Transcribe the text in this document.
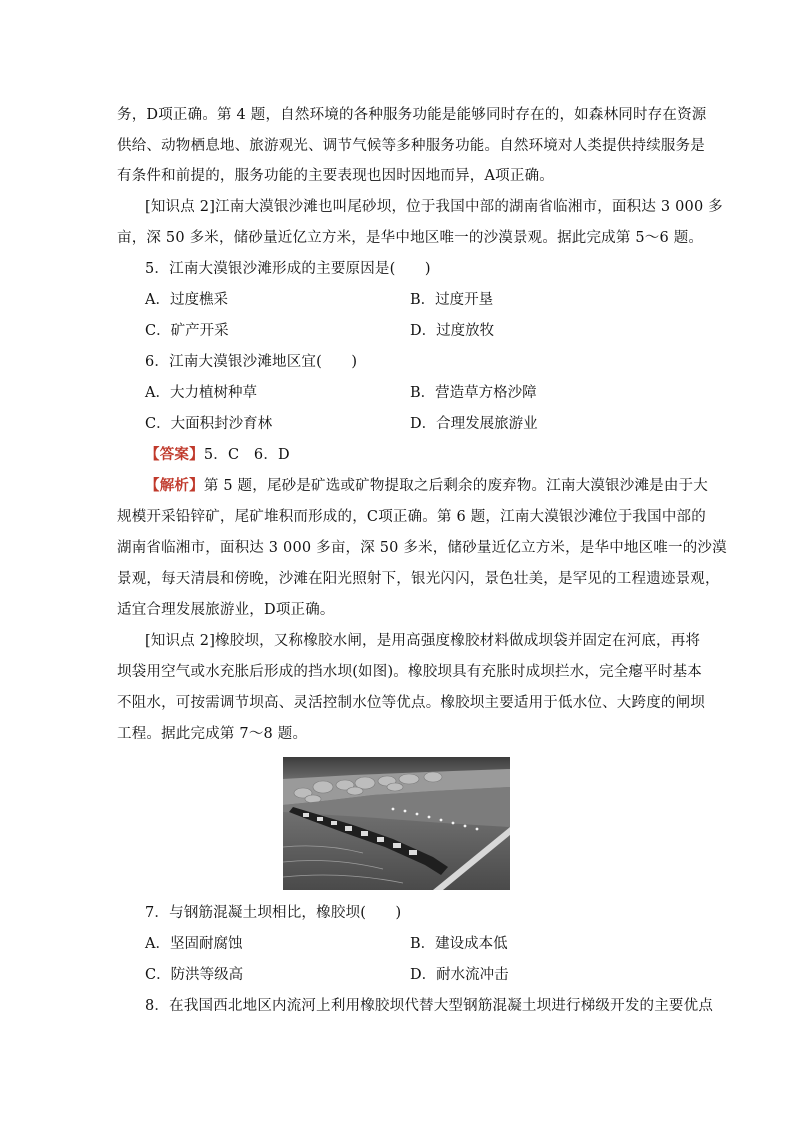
务，D项正确。第 4 题，自然环境的各种服务功能是能够同时存在的，如森林同时存在资源
供给、动物栖息地、旅游观光、调节气候等多种服务功能。自然环境对人类提供持续服务是
有条件和前提的，服务功能的主要表现也因时因地而异，A项正确。
[知识点 2]江南大漠银沙滩也叫尾砂坝，位于我国中部的湖南省临湘市，面积达 3 000 多
亩，深 50 多米，储砂量近亿立方米，是华中地区唯一的沙漠景观。据此完成第 5～6 题。
5．江南大漠银沙滩形成的主要原因是(　　)
A．过度樵采	B．过度开垦
C．矿产开采	D．过度放牧
6．江南大漠银沙滩地区宜(　　)
A．大力植树种草	B．营造草方格沙障
C．大面积封沙育林	D．合理发展旅游业
【答案】5．C　6．D
【解析】第 5 题，尾砂是矿选或矿物提取之后剩余的废弃物。江南大漠银沙滩是由于大
规模开采铅锌矿，尾矿堆积而形成的，C项正确。第 6 题，江南大漠银沙滩位于我国中部的
湖南省临湘市，面积达 3 000 多亩，深 50 多米，储砂量近亿立方米，是华中地区唯一的沙漠
景观，每天清晨和傍晚，沙滩在阳光照射下，银光闪闪，景色壮美，是罕见的工程遗迹景观，
适宜合理发展旅游业，D项正确。
[知识点 2]橡胶坝，又称橡胶水闸，是用高强度橡胶材料做成坝袋并固定在河底，再将
坝袋用空气或水充胀后形成的挡水坝(如图)。橡胶坝具有充胀时成坝拦水，完全瘪平时基本
不阻水，可按需调节坝高、灵活控制水位等优点。橡胶坝主要适用于低水位、大跨度的闸坝
工程。据此完成第 7～8 题。
7．与钢筋混凝土坝相比，橡胶坝(　　)
A．坚固耐腐蚀	B．建设成本低
C．防洪等级高	D．耐水流冲击
8．在我国西北地区内流河上利用橡胶坝代替大型钢筋混凝土坝进行梯级开发的主要优点
